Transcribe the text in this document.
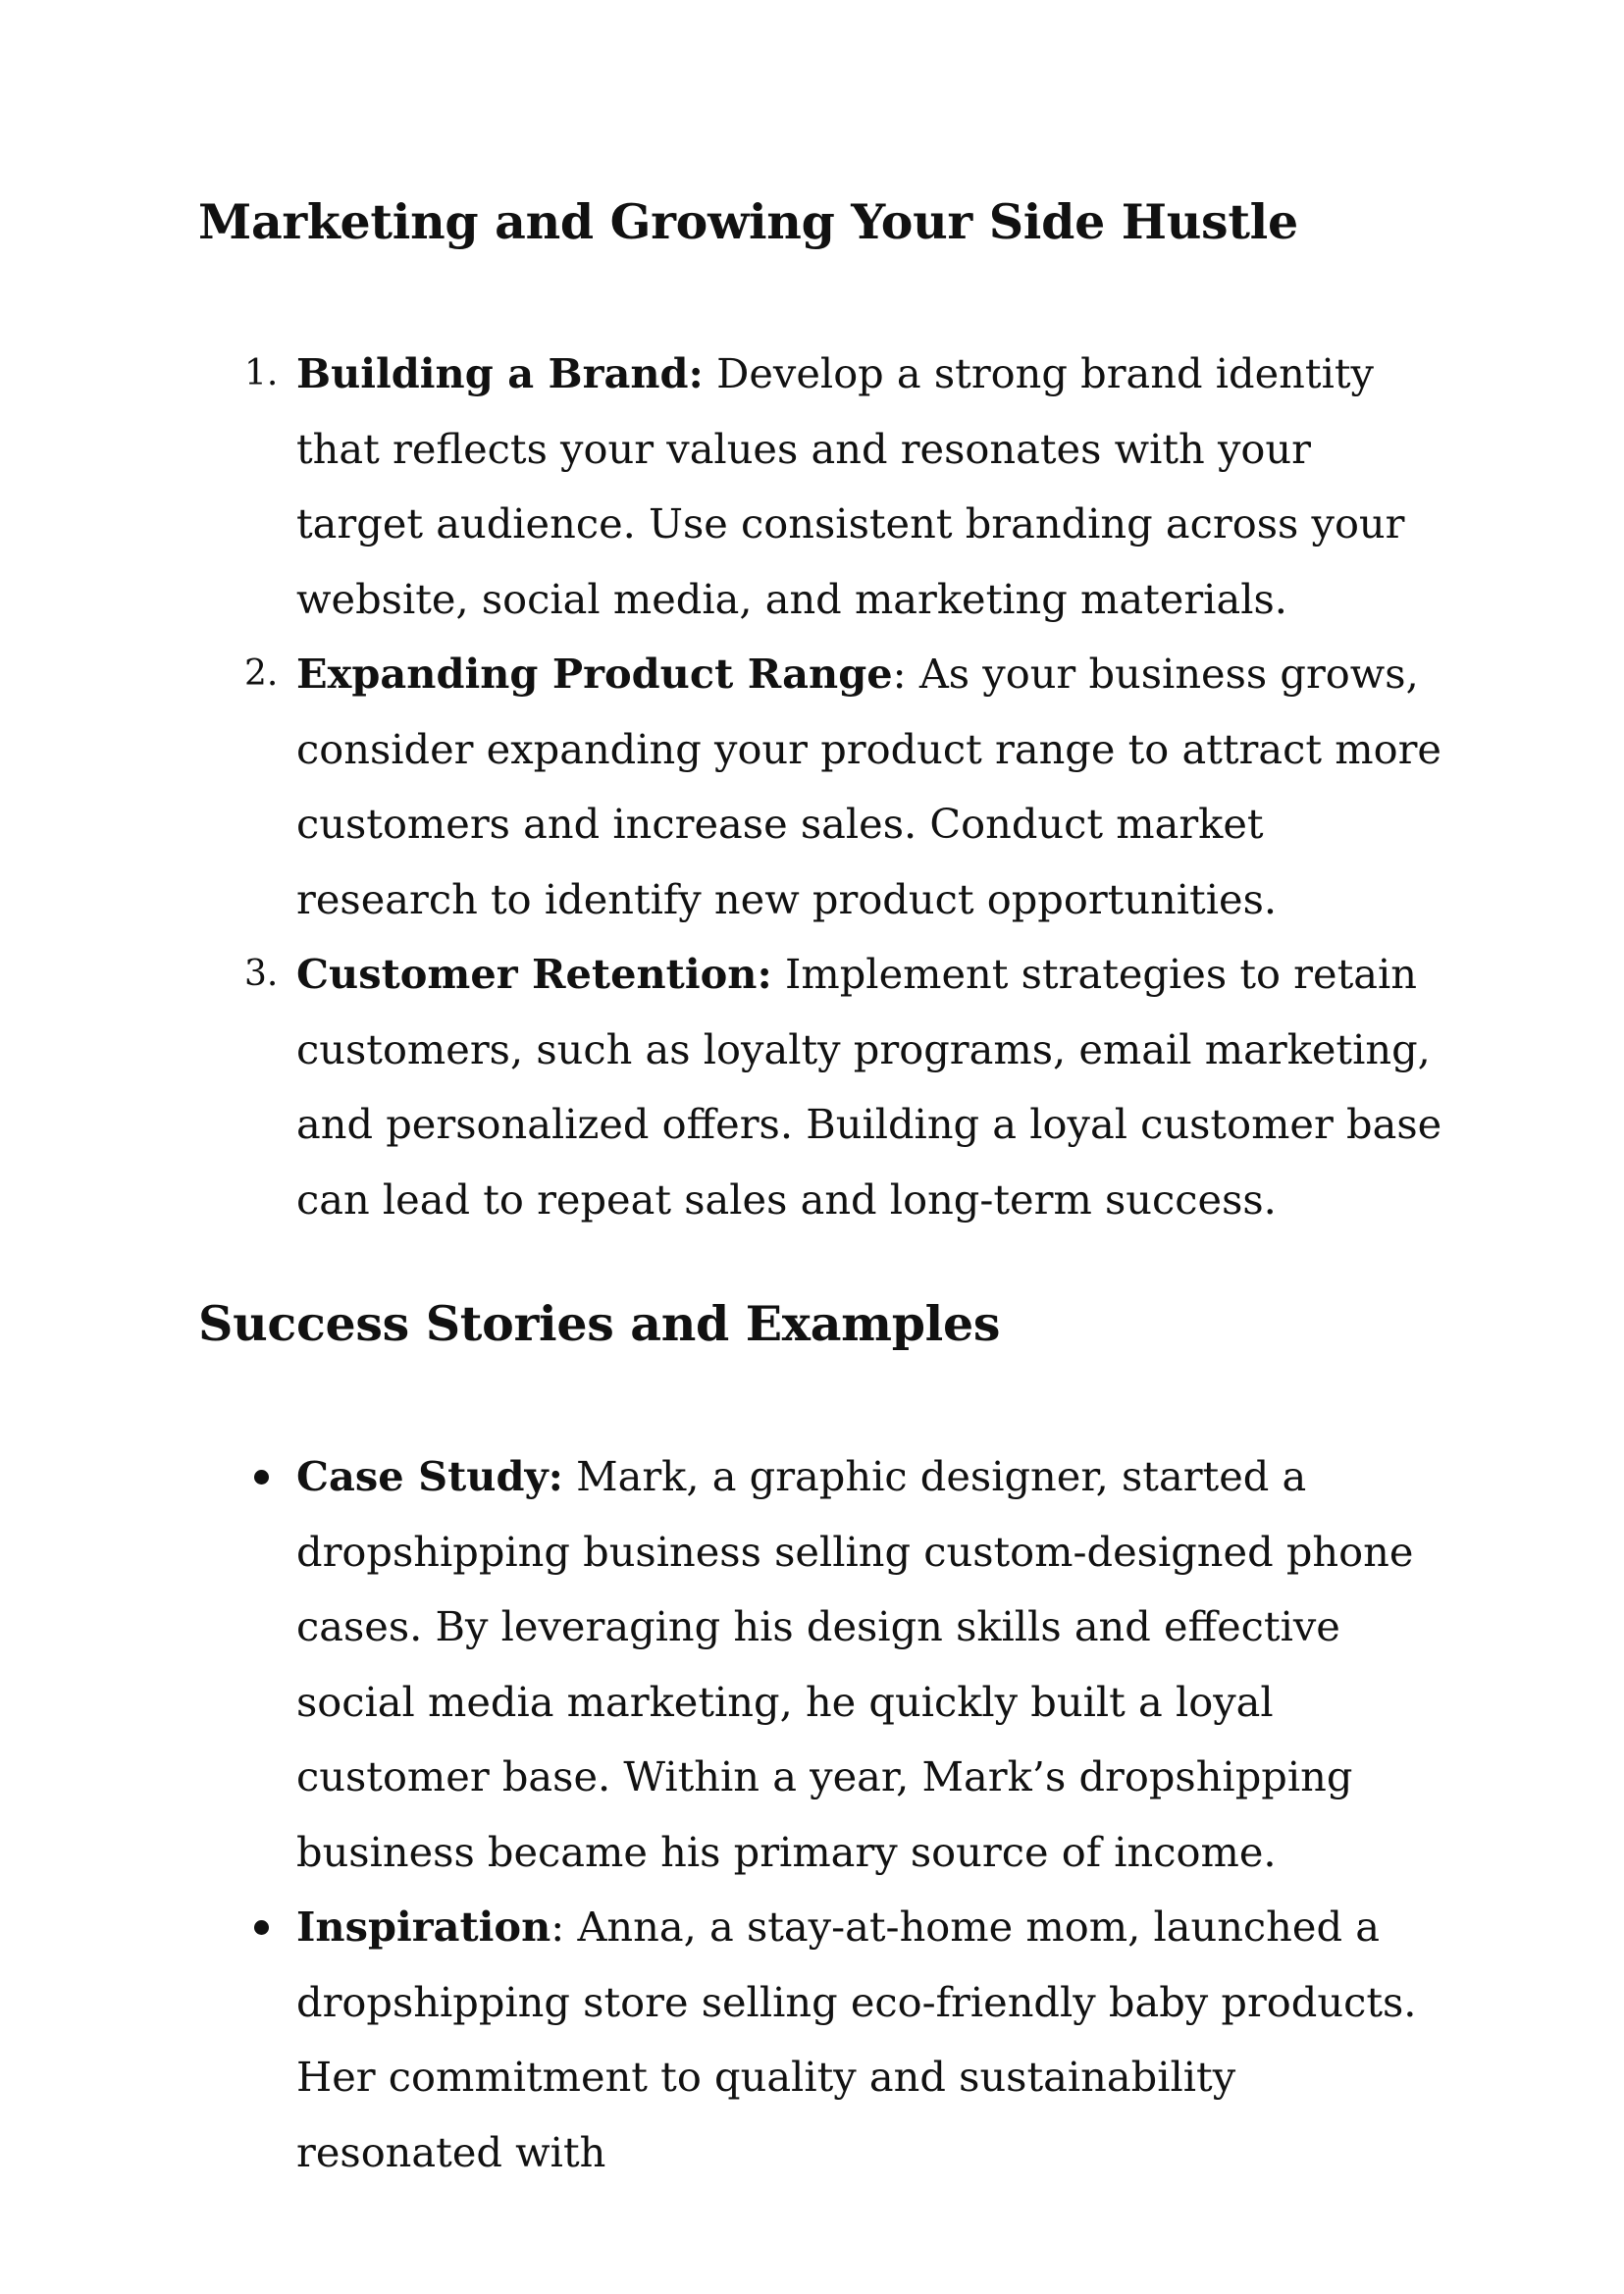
Marketing and Growing Your Side Hustle
1. Building a Brand: Develop a strong brand identity that reflects your values and resonates with your target audience. Use consistent branding across your website, social media, and marketing materials.
2. Expanding Product Range: As your business grows, consider expanding your product range to attract more customers and increase sales. Conduct market research to identify new product opportunities.
3. Customer Retention: Implement strategies to retain customers, such as loyalty programs, email marketing, and personalized offers. Building a loyal customer base can lead to repeat sales and long-term success.
Success Stories and Examples
Case Study: Mark, a graphic designer, started a dropshipping business selling custom-designed phone cases. By leveraging his design skills and effective social media marketing, he quickly built a loyal customer base. Within a year, Mark’s dropshipping business became his primary source of income.
Inspiration: Anna, a stay-at-home mom, launched a dropshipping store selling eco-friendly baby products. Her commitment to quality and sustainability resonated with
